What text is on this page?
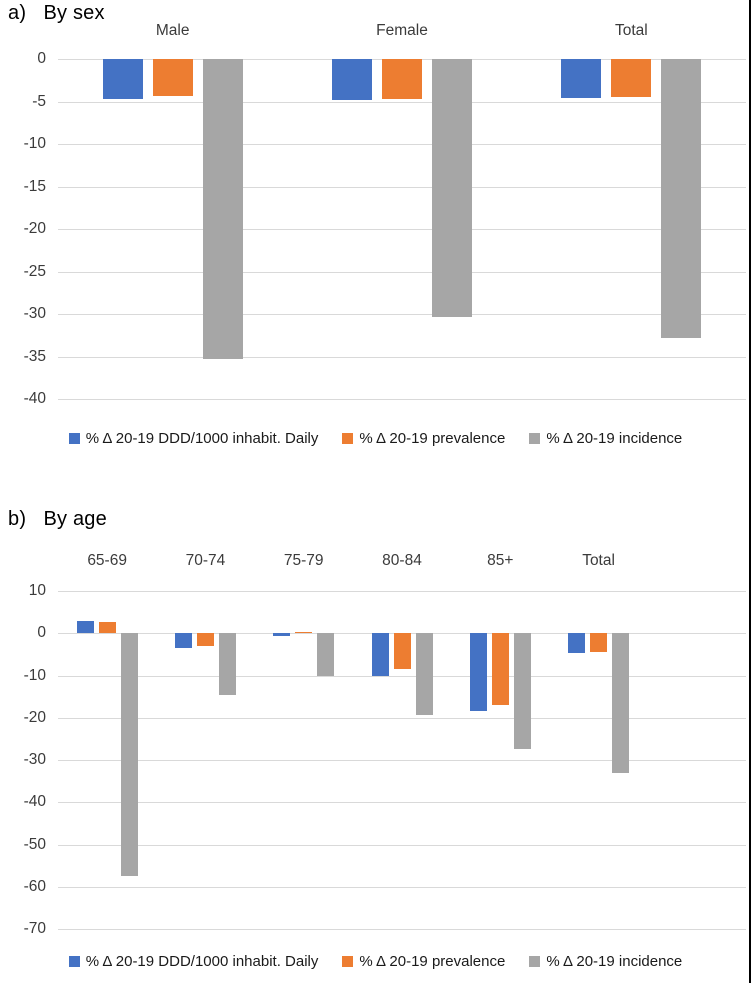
a)   By sex
0
-5
-10
-15
-20
-25
-30
-35
-40
Male	Female	Total
% Δ 20-19 DDD/1000 inhabit. Daily	% Δ 20-19 prevalence	% Δ 20-19 incidence
b)   By age
10
0
-10
-20
-30
-40
-50
-60
-70
65-69	70-74	75-79	80-84	85+	Total
% Δ 20-19 DDD/1000 inhabit. Daily	% Δ 20-19 prevalence	% Δ 20-19 incidence
